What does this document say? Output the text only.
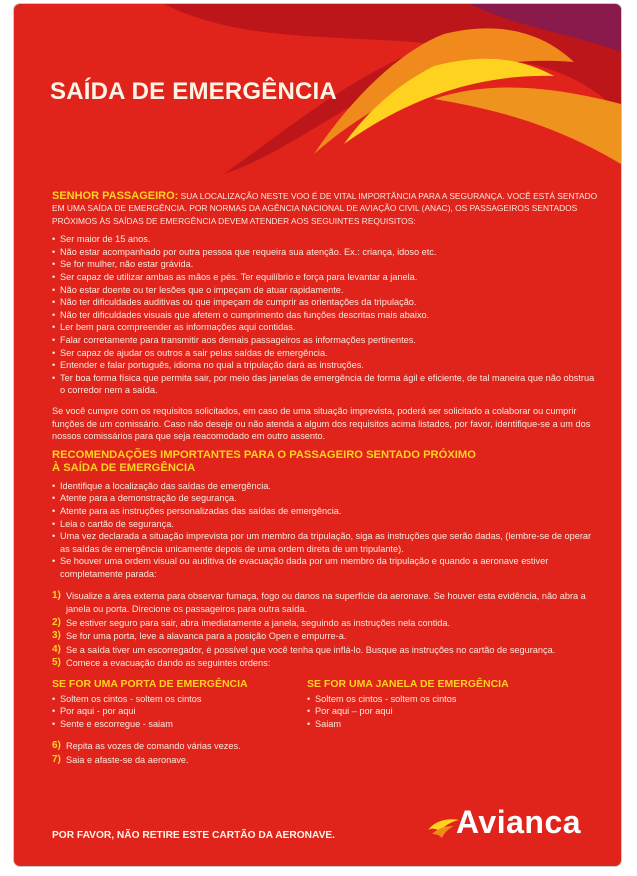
SAÍDA DE EMERGÊNCIA

SENHOR PASSAGEIRO: SUA LOCALIZAÇÃO NESTE VOO É DE VITAL IMPORTÂNCIA PARA A SEGURANÇA. VOCÊ ESTÁ SENTADO EM UMA SAÍDA DE EMERGÊNCIA. POR NORMAS DA AGÊNCIA NACIONAL DE AVIAÇÃO CIVIL (ANAC), OS PASSAGEIROS SENTADOS PRÓXIMOS ÀS SAÍDAS DE EMERGÊNCIA DEVEM ATENDER AOS SEGUINTES REQUISITOS:

• Ser maior de 15 anos.
• Não estar acompanhado por outra pessoa que requeira sua atenção. Ex.: criança, idoso etc.
• Se for mulher, não estar grávida.
• Ser capaz de utilizar ambas as mãos e pés. Ter equilíbrio e força para levantar a janela.
• Não estar doente ou ter lesões que o impeçam de atuar rapidamente.
• Não ter dificuldades auditivas ou que impeçam de cumprir as orientações da tripulação.
• Não ter dificuldades visuais que afetem o cumprimento das funções descritas mais abaixo.
• Ler bem para compreender as informações aqui contidas.
• Falar corretamente para transmitir aos demais passageiros as informações pertinentes.
• Ser capaz de ajudar os outros a sair pelas saídas de emergência.
• Entender e falar português, idioma no qual a tripulação dará as instruções.
• Ter boa forma física que permita sair, por meio das janelas de emergência de forma ágil e eficiente, de tal maneira que não obstrua o corredor nem a saída.

Se você cumpre com os requisitos solicitados, em caso de uma situação imprevista, poderá ser solicitado a colaborar ou cumprir funções de um comissário. Caso não deseje ou não atenda a algum dos requisitos acima listados, por favor, identifique-se a um dos nossos comissários para que seja reacomodado em outro assento.

RECOMENDAÇÕES IMPORTANTES PARA O PASSAGEIRO SENTADO PRÓXIMO
À SAÍDA DE EMERGÊNCIA
• Identifique a localização das saídas de emergência.
• Atente para a demonstração de segurança.
• Atente para as instruções personalizadas das saídas de emergência.
• Leia o cartão de segurança.
• Uma vez declarada a situação imprevista por um membro da tripulação, siga as instruções que serão dadas, (lembre-se de operar as saídas de emergência unicamente depois de uma ordem direta de um tripulante).
• Se houver uma ordem visual ou auditiva de evacuação dada por um membro da tripulação e quando a aeronave estiver completamente parada:
1) Visualize a área externa para observar fumaça, fogo ou danos na superfície da aeronave. Se houver esta evidência, não abra a janela ou porta. Direcione os passageiros para outra saída.
2) Se estiver seguro para sair, abra imediatamente a janela, seguindo as instruções nela contida.
3) Se for uma porta, leve a alavanca para a posição Open e empurre-a.
4) Se a saída tiver um escorregador, é possível que você tenha que inflá-lo. Busque as instruções no cartão de segurança.
5) Comece a evacuação dando as seguintes ordens:
SE FOR UMA PORTA DE EMERGÊNCIA
• Soltem os cintos - soltem os cintos
• Por aqui - por aqui
• Sente e escorregue - saiam
SE FOR UMA JANELA DE EMERGÊNCIA
• Soltem os cintos - soltem os cintos
• Por aqui – por aqui
• Saiam
6) Repita as vozes de comando várias vezes.
7) Saia e afaste-se da aeronave.
POR FAVOR, NÃO RETIRE ESTE CARTÃO DA AERONAVE.	Avianca
